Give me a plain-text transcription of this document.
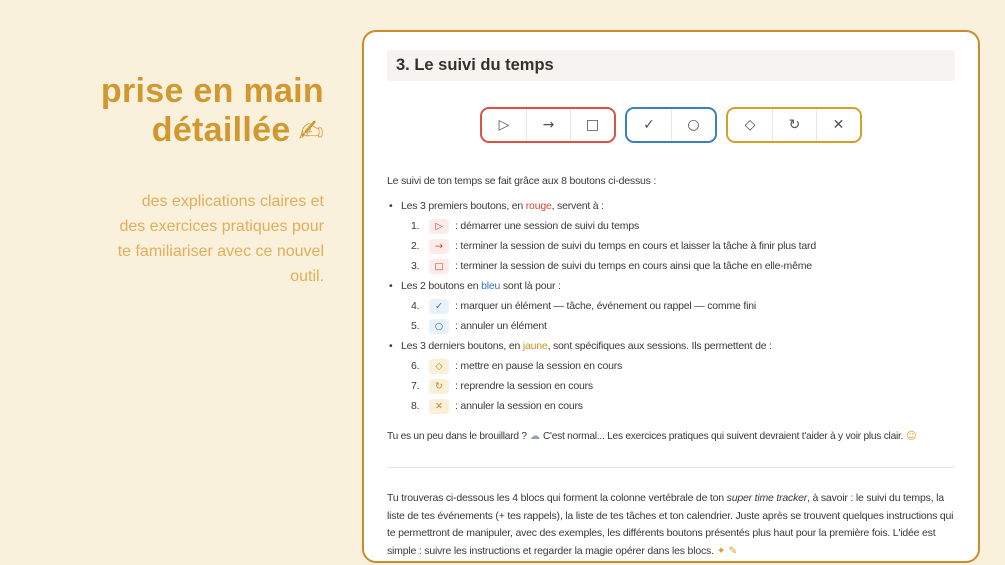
prise en main
détaillée ✍

des explications claires et des exercices pratiques pour te familiariser avec ce nouvel outil.

3. Le suivi du temps
▷ → □	✓ ○	◇ ↻ ✕

Le suivi de ton temps se fait grâce aux 8 boutons ci-dessus :

• Les 3 premiers boutons, en rouge, servent à :
1.	▷	: démarrer une session de suivi du temps
2.	→	: terminer la session de suivi du temps en cours et laisser la tâche à finir plus tard
3.	□	: terminer la session de suivi du temps en cours ainsi que la tâche en elle-même
• Les 2 boutons en bleu sont là pour :
4.	✓	: marquer un élément — tâche, événement ou rappel — comme fini
5.	○	: annuler un élément
• Les 3 derniers boutons, en jaune, sont spécifiques aux sessions. Ils permettent de :
6.	◇	: mettre en pause la session en cours
7.	↻	: reprendre la session en cours
8.	✕	: annuler la session en cours

Tu es un peu dans le brouillard ? ☁ C'est normal... Les exercices pratiques qui suivent devraient t'aider à y voir plus clair. ☺

Tu trouveras ci-dessous les 4 blocs qui forment la colonne vertébrale de ton super time tracker, à savoir : le suivi du temps, la liste de tes événements (+ tes rappels), la liste de tes tâches et ton calendrier. Juste après se trouvent quelques instructions qui te permettront de manipuler, avec des exemples, les différents boutons présentés plus haut pour la première fois. L'idée est simple : suivre les instructions et regarder la magie opérer dans les blocs. ✦ ✎
